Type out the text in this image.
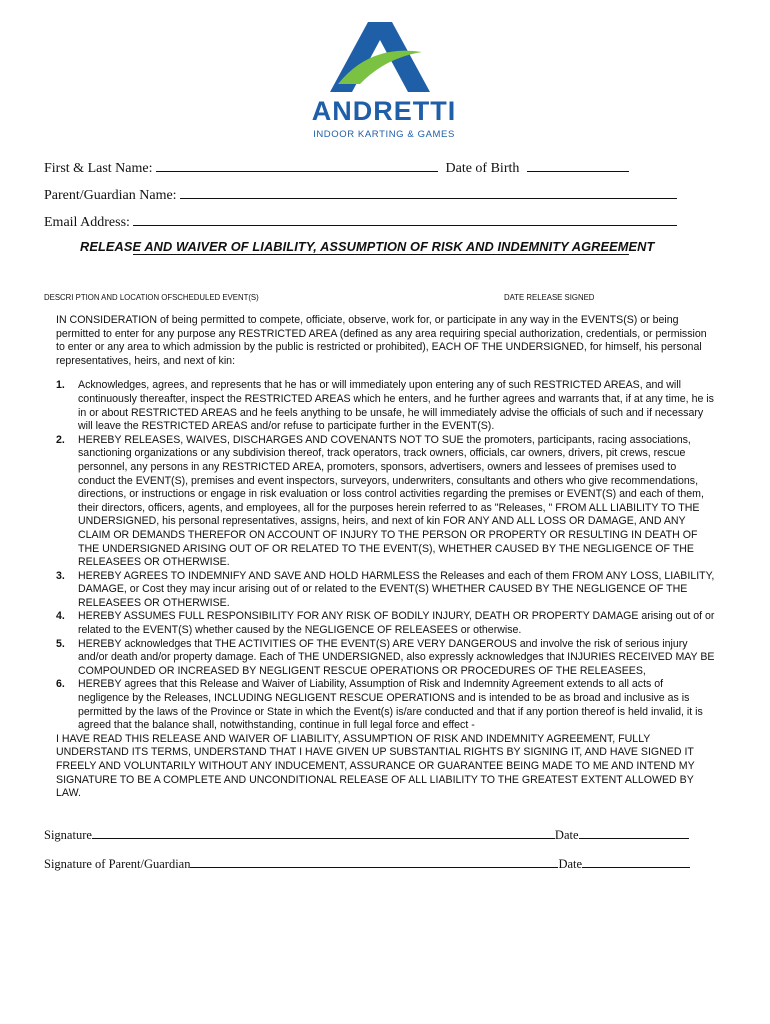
ANDRETTI
INDOOR KARTING & GAMES
First & Last Name:	Date of Birth
Parent/Guardian Name:
Email Address:
RELEASE AND WAIVER OF LIABILITY, ASSUMPTION OF RISK AND INDEMNITY AGREEMENT
DESCRI PTION AND LOCATION OFSCHEDULED EVENT(S)	DATE RELEASE SIGNED

IN CONSIDERATION of being permitted to compete, officiate, observe, work for, or participate in any way in the EVENTS(S) or being permitted to enter for any purpose any RESTRICTED AREA (defined as any area requiring special authorization, credentials, or permission to enter or any area to which admission by the public is restricted or prohibited), EACH OF THE UNDERSIGNED, for himself, his personal representatives, heirs, and next of kin:

1. Acknowledges, agrees, and represents that he has or will immediately upon entering any of such RESTRICTED AREAS, and will continuously thereafter, inspect the RESTRICTED AREAS which he enters, and he further agrees and warrants that, if at any time, he is in or about RESTRICTED AREAS and he feels anything to be unsafe, he will immediately advise the officials of such and if necessary will leave the RESTRICTED AREAS and/or refuse to participate further in the EVENT(S).
2. HEREBY RELEASES, WAIVES, DISCHARGES AND COVENANTS NOT TO SUE the promoters, participants, racing associations, sanctioning organizations or any subdivision thereof, track operators, track owners, officials, car owners, drivers, pit crews, rescue personnel, any persons in any RESTRICTED AREA, promoters, sponsors, advertisers, owners and lessees of premises used to conduct the EVENT(S), premises and event inspectors, surveyors, underwriters, consultants and others who give recommendations, directions, or instructions or engage in risk evaluation or loss control activities regarding the premises or EVENT(S) and each of them, their directors, officers, agents, and employees, all for the purposes herein referred to as "Releases, " FROM ALL LIABILITY TO THE UNDERSIGNED, his personal representatives, assigns, heirs, and next of kin FOR ANY AND ALL LOSS OR DAMAGE, AND ANY CLAIM OR DEMANDS THEREFOR ON ACCOUNT OF INJURY TO THE PERSON OR PROPERTY OR RESULTING IN DEATH OF THE UNDERSIGNED ARISING OUT OF OR RELATED TO THE EVENT(S), WHETHER CAUSED BY THE NEGLIGENCE OF THE RELEASEES OR OTHERWISE.
3. HEREBY AGREES TO INDEMNIFY AND SAVE AND HOLD HARMLESS the Releases and each of them FROM ANY LOSS, LIABILITY, DAMAGE, or Cost they may incur arising out of or related to the EVENT(S) WHETHER CAUSED BY THE NEGLIGENCE OF THE RELEASEES OR OTHERWISE.
4. HEREBY ASSUMES FULL RESPONSIBILITY FOR ANY RISK OF BODILY INJURY, DEATH OR PROPERTY DAMAGE arising out of or related to the EVENT(S) whether caused by the NEGLIGENCE OF RELEASEES or otherwise.
5. HEREBY acknowledges that THE ACTIVITIES OF THE EVENT(S) ARE VERY DANGEROUS and involve the risk of serious injury and/or death and/or property damage. Each of THE UNDERSIGNED, also expressly acknowledges that INJURIES RECEIVED MAY BE COMPOUNDED OR INCREASED BY NEGLIGENT RESCUE OPERATIONS OR PROCEDURES OF THE RELEASEES,
6. HEREBY agrees that this Release and Waiver of Liability, Assumption of Risk and Indemnity Agreement extends to all acts of negligence by the Releases, INCLUDING NEGLIGENT RESCUE OPERATIONS and is intended to be as broad and inclusive as is permitted by the laws of the Province or State in which the Event(s) is/are conducted and that if any portion thereof is held invalid, it is agreed that the balance shall, notwithstanding, continue in full legal force and effect -

I HAVE READ THIS RELEASE AND WAIVER OF LIABILITY, ASSUMPTION OF RISK AND INDEMNITY AGREEMENT, FULLY UNDERSTAND ITS TERMS, UNDERSTAND THAT I HAVE GIVEN UP SUBSTANTIAL RIGHTS BY SIGNING IT, AND HAVE SIGNED IT FREELY AND VOLUNTARILY WITHOUT ANY INDUCEMENT, ASSURANCE OR GUARANTEE BEING MADE TO ME AND INTEND MY SIGNATURE TO BE A COMPLETE AND UNCONDITIONAL RELEASE OF ALL LIABILITY TO THE GREATEST EXTENT ALLOWED BY LAW.

Signature	Date
Signature of Parent/Guardian	Date
